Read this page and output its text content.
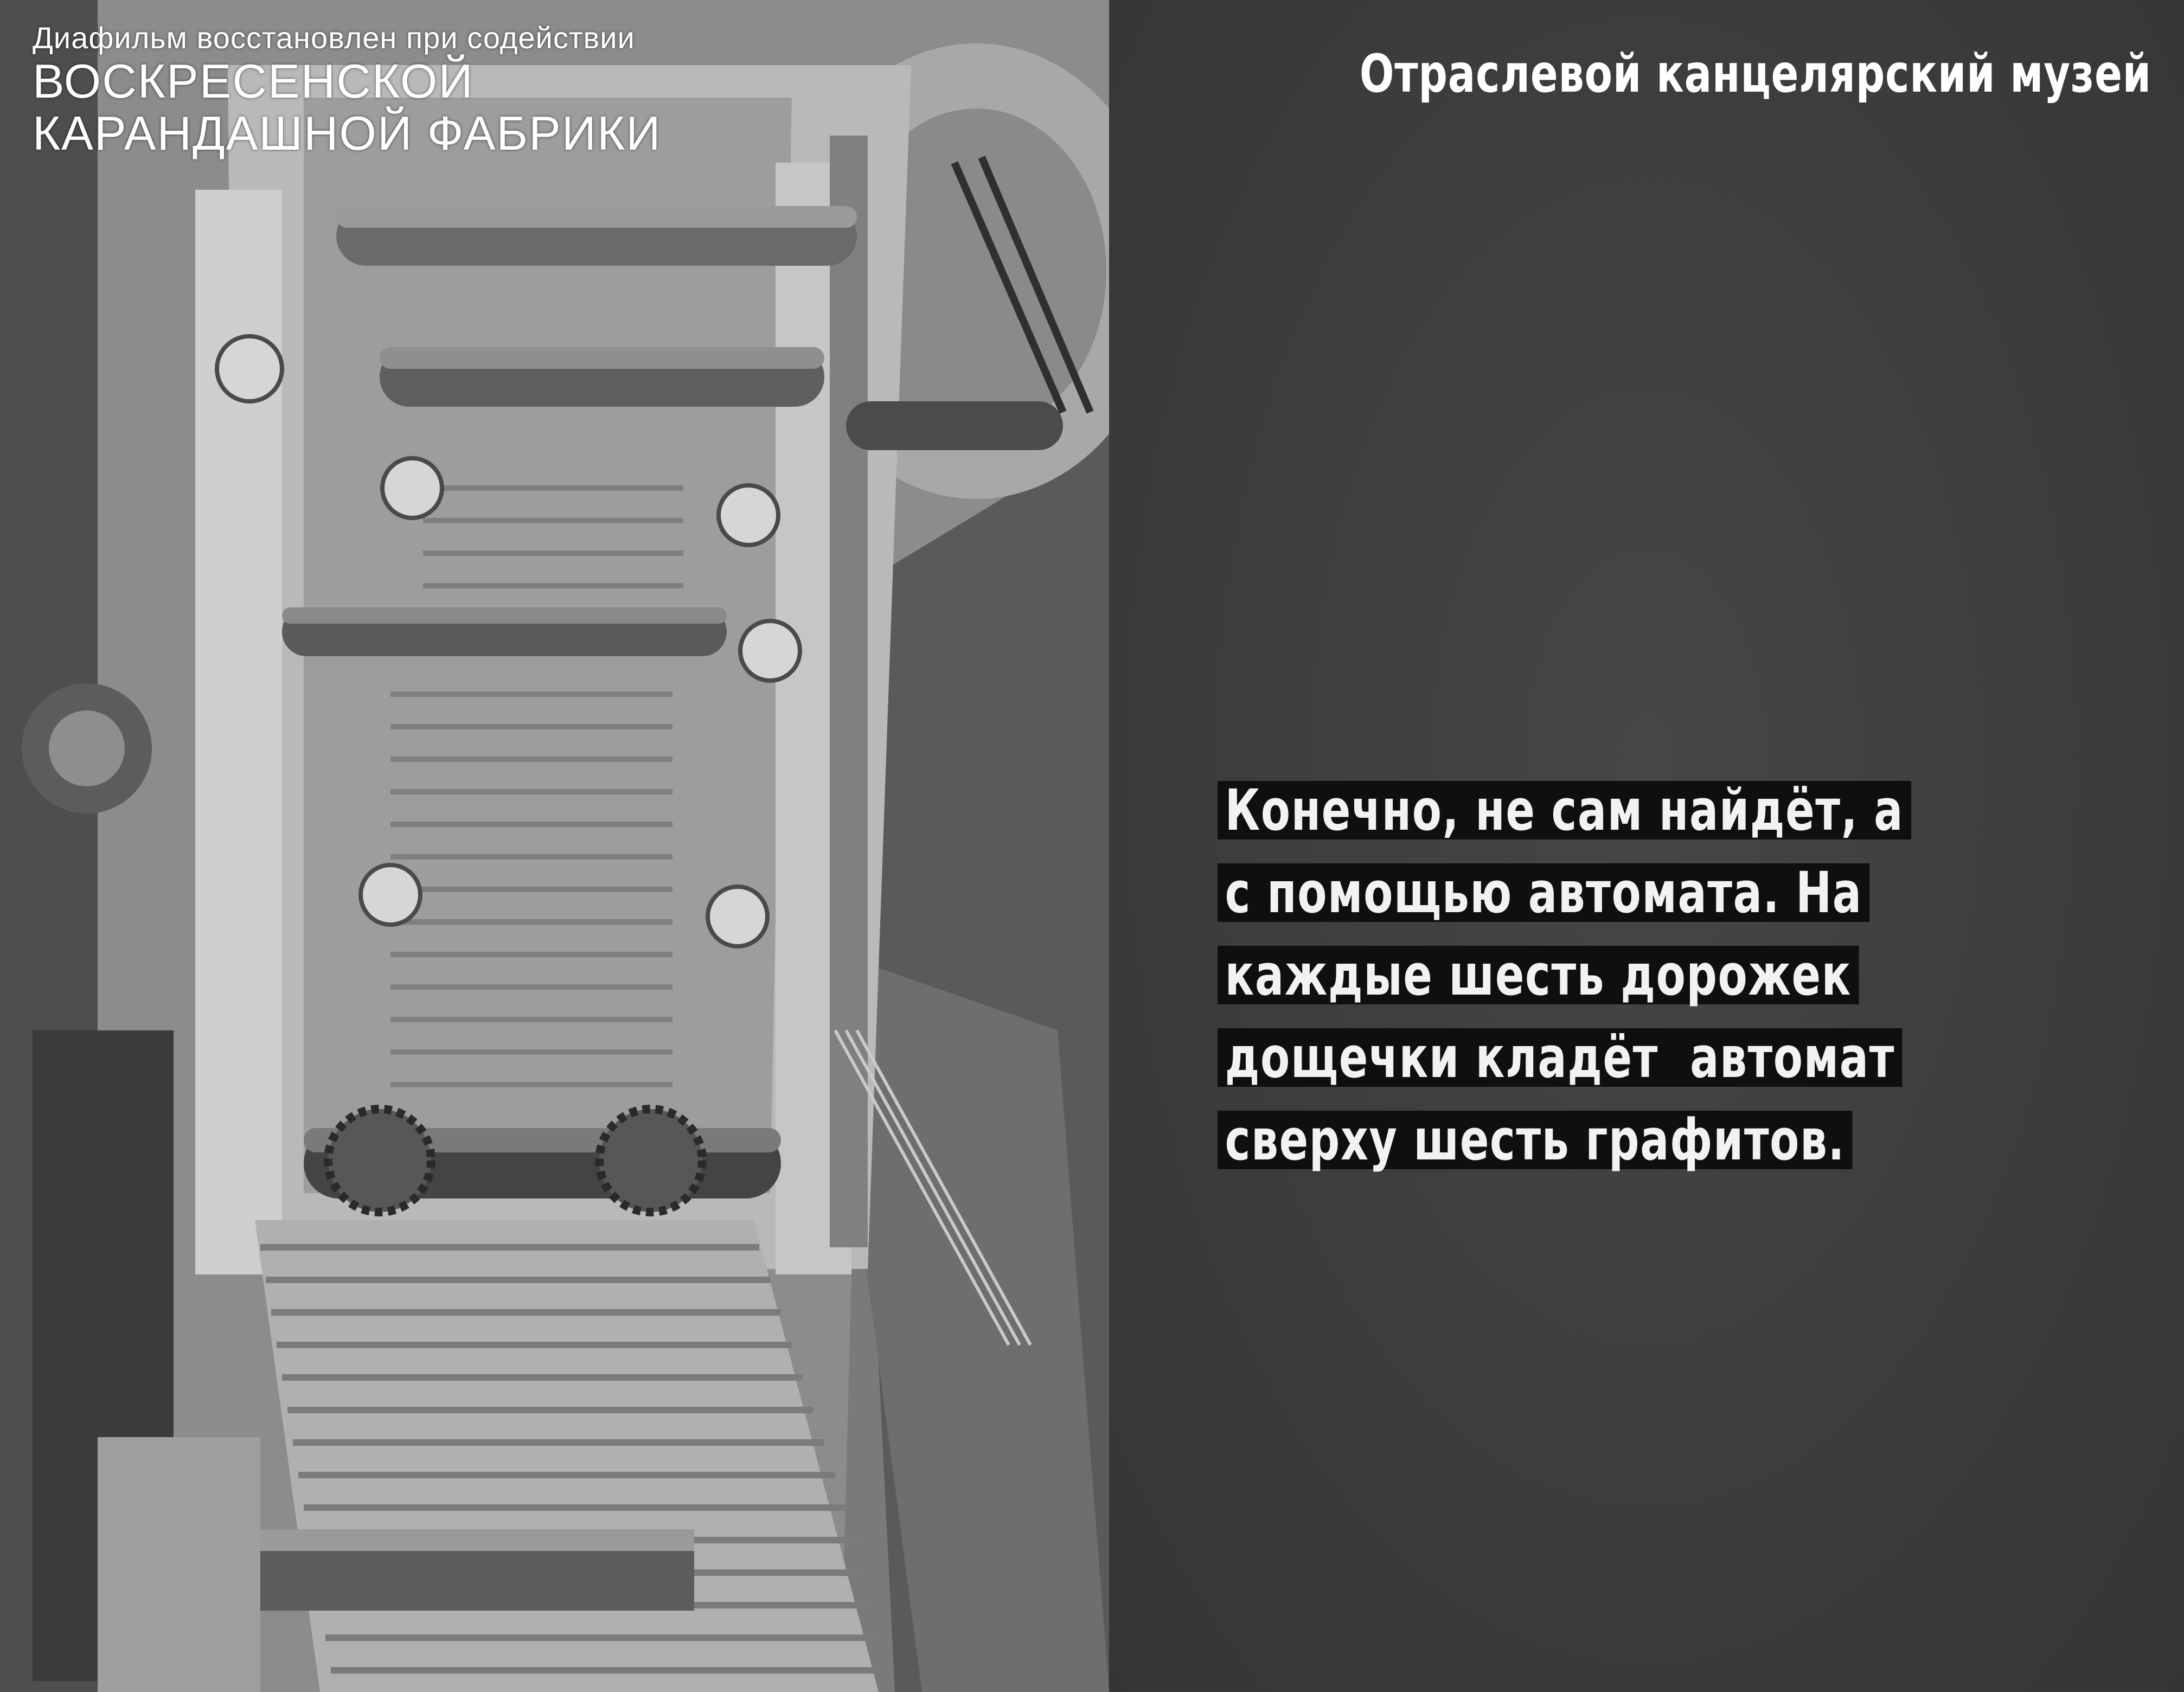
Диафильм восстановлен при содействии
ВОСКРЕСЕНСКОЙ
КАРАНДАШНОЙ ФАБРИКИ
Отраслевой канцелярский музей
Конечно, не сам найдёт, а
с помощью автомата. На
каждые шесть дорожек
дощечки кладёт  автомат
сверху шесть графитов.
